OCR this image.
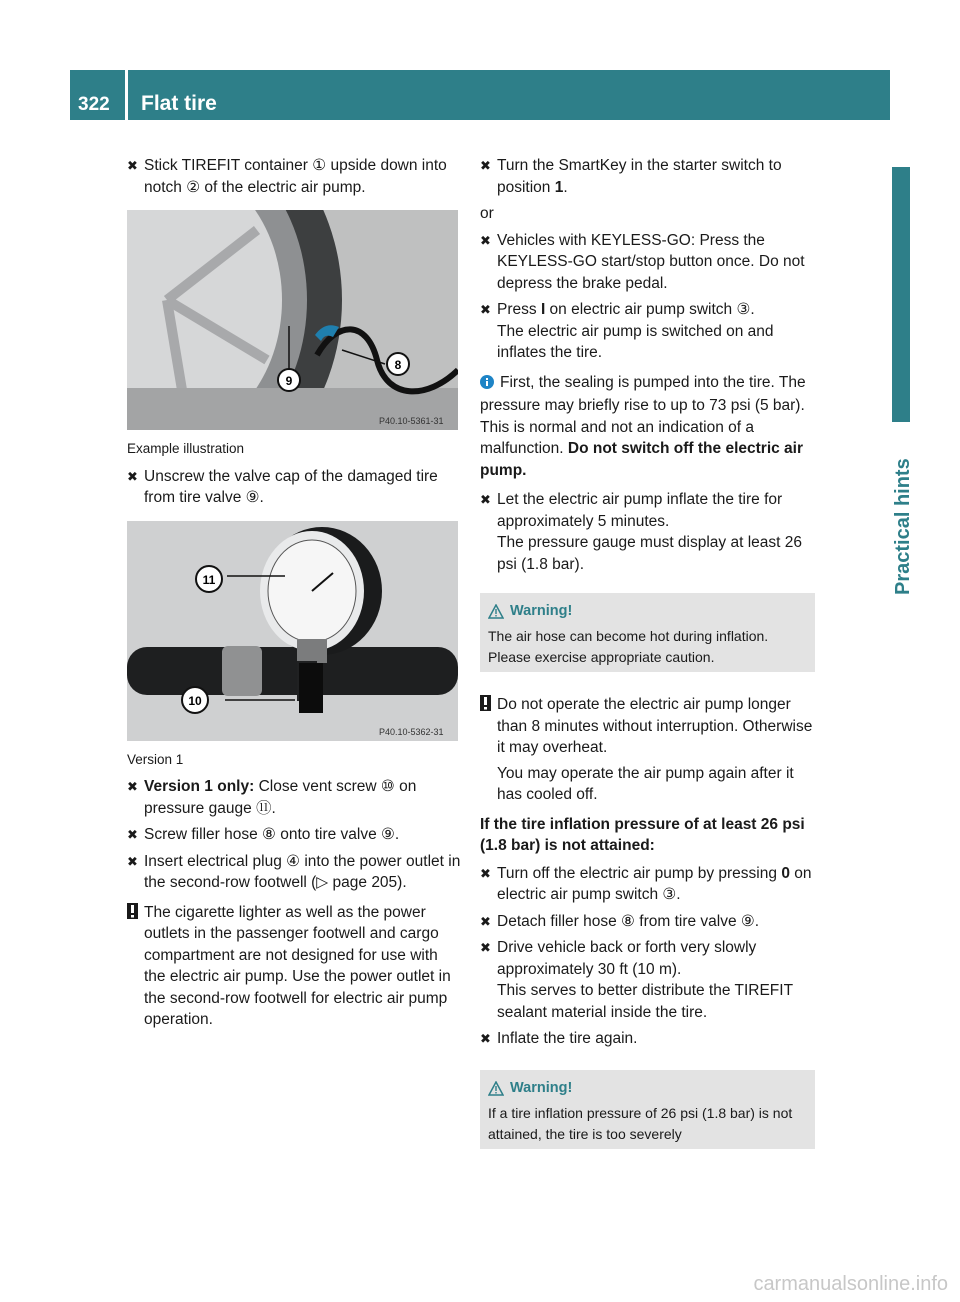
322 Flat tire
Practical hints
✖ Stick TIREFIT container ① upside down into notch ② of the electric air pump.
9
8
P40.10-5361-31
Example illustration
✖ Unscrew the valve cap of the damaged tire from tire valve ⑨.
11
10
P40.10-5362-31
Version 1
✖ Version 1 only: Close vent screw ⑩ on pressure gauge ⑪.
✖ Screw filler hose ⑧ onto tire valve ⑨.
✖ Insert electrical plug ④ into the power outlet in the second-row footwell (▷ page 205).
The cigarette lighter as well as the power outlets in the passenger footwell and cargo compartment are not designed for use with the electric air pump. Use the power outlet in the second-row footwell for electric air pump operation.
✖ Turn the SmartKey in the starter switch to position 1.
or
✖ Vehicles with KEYLESS-GO: Press the KEYLESS-GO start/stop button once. Do not depress the brake pedal.
✖ Press I on electric air pump switch ③.
The electric air pump is switched on and inflates the tire.
First, the sealing is pumped into the tire. The pressure may briefly rise to up to 73 psi (5 bar). This is normal and not an indication of a malfunction. Do not switch off the electric air pump.
✖ Let the electric air pump inflate the tire for approximately 5 minutes.
The pressure gauge must display at least 26 psi (1.8 bar).
Warning!
The air hose can become hot during inflation. Please exercise appropriate caution.
Do not operate the electric air pump longer than 8 minutes without interruption. Otherwise it may overheat.
You may operate the air pump again after it has cooled off.
If the tire inflation pressure of at least 26 psi (1.8 bar) is not attained:
✖ Turn off the electric air pump by pressing 0 on electric air pump switch ③.
✖ Detach filler hose ⑧ from tire valve ⑨.
✖ Drive vehicle back or forth very slowly approximately 30 ft (10 m).
This serves to better distribute the TIREFIT sealant material inside the tire.
✖ Inflate the tire again.
Warning!
If a tire inflation pressure of 26 psi (1.8 bar) is not attained, the tire is too severely
carmanualsonline.info
